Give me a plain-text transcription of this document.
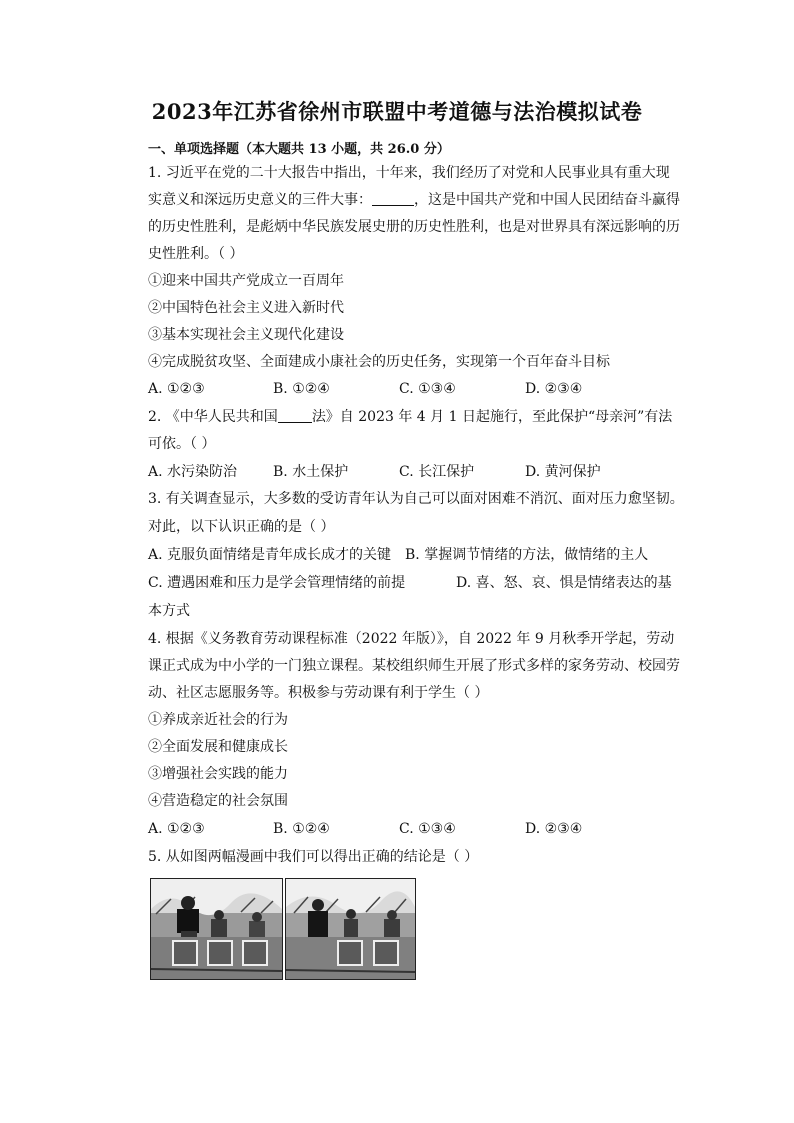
2023年江苏省徐州市联盟中考道德与法治模拟试卷
一、单项选择题（本大题共 13 小题，共 26.0 分）
1. 习近平在党的二十大报告中指出，十年来，我们经历了对党和人民事业具有重大现
实意义和深远历史意义的三件大事：	，这是中国共产党和中国人民团结奋斗赢得
的历史性胜利，是彪炳中华民族发展史册的历史性胜利，也是对世界具有深远影响的历
史性胜利。（ ）
①迎来中国共产党成立一百周年
②中国特色社会主义进入新时代
③基本实现社会主义现代化建设
④完成脱贫攻坚、全面建成小康社会的历史任务，实现第一个百年奋斗目标
A. ①②③	B. ①②④	C. ①③④	D. ②③④
2. 《中华人民共和国 法》自 2023 年 4 月 1 日起施行，至此保护“母亲河”有法
可依。（ ）
A. 水污染防治	B. 水土保护	C. 长江保护	D. 黄河保护
3. 有关调查显示，大多数的受访青年认为自己可以面对困难不消沉、面对压力愈坚韧。
对此，以下认识正确的是（ ）
A. 克服负面情绪是青年成长成才的关键 B. 掌握调节情绪的方法，做情绪的主人
C. 遭遇困难和压力是学会管理情绪的前提	D. 喜、怒、哀、惧是情绪表达的基
本方式
4. 根据《义务教育劳动课程标准（2022 年版）》，自 2022 年 9 月秋季开学起，劳动
课正式成为中小学的一门独立课程。某校组织师生开展了形式多样的家务劳动、校园劳
动、社区志愿服务等。积极参与劳动课有利于学生（ ）
①养成亲近社会的行为
②全面发展和健康成长
③增强社会实践的能力
④营造稳定的社会氛围
A. ①②③	B. ①②④	C. ①③④	D. ②③④
5. 从如图两幅漫画中我们可以得出正确的结论是（ ）
